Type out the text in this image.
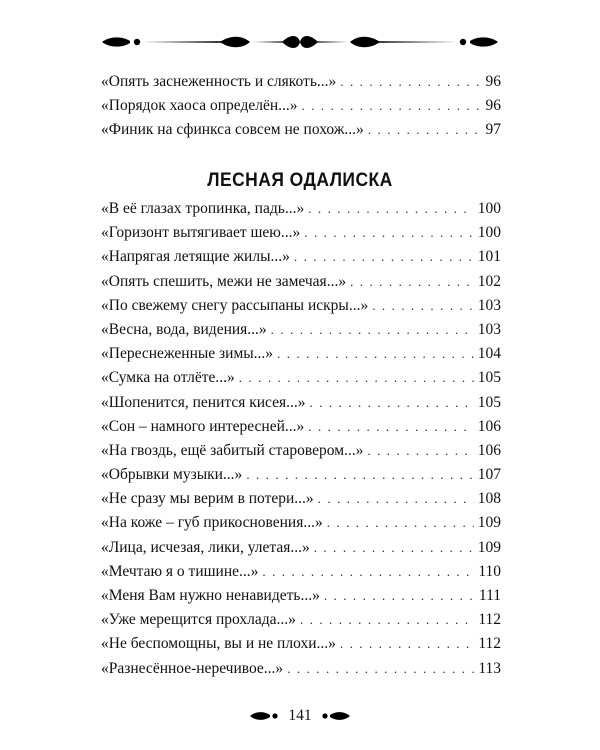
«Опять заснеженность и слякоть...» . . .	96
«Порядок хаоса определён...» . . .	96
«Финик на сфинкса совсем не похож...» . . .	97
ЛЕСНАЯ ОДАЛИСКА
«В её глазах тропинка, падь...» . . .	100
«Горизонт вытягивает шею...» . . .	100
«Напрягая летящие жилы...» . . .	101
«Опять спешить, межи не замечая...» . . .	102
«По свежему снегу рассыпаны искры...» . . .	103
«Весна, вода, видения...» . . .	103
«Переснеженные зимы...» . . .	104
«Сумка на отлёте...» . . .	105
«Шопенится, пенится кисея...» . . .	105
«Сон – намного интересней...» . . .	106
«На гвоздь, ещё забитый старовером...» . . .	106
«Обрывки музыки...» . . .	107
«Не сразу мы верим в потери...» . . .	108
«На коже – губ прикосновения...» . . .	109
«Лица, исчезая, лики, улетая...» . . .	109
«Мечтаю я о тишине...» . . .	110
«Меня Вам нужно ненавидеть...» . . .	111
«Уже мерещится прохлада...» . . .	112
«Не беспомощны, вы и не плохи...» . . .	112
«Разнесённое-неречивое...» . . .	113
141
